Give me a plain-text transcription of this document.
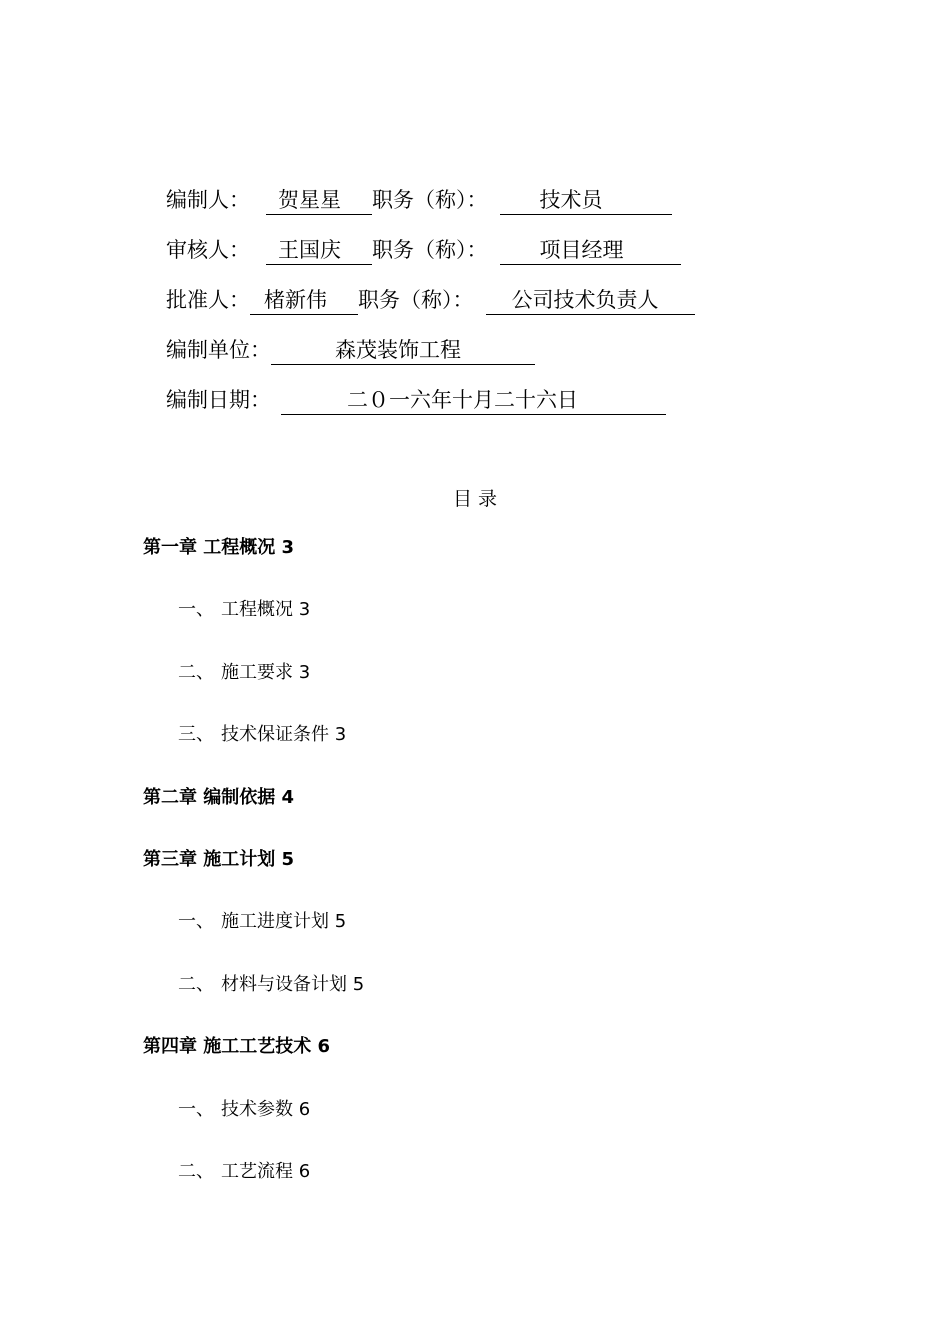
编制人： 贺星星 职务（称）： 技术员
审核人： 王国庆 职务（称）： 项目经理
批准人： 楮新伟 职务（称）： 公司技术负责人
编制单位：	森茂装饰工程
编制日期：	二０一六年十月二十六日
目 录
第一章 工程概况 3
一、 工程概况 3
二、 施工要求 3
三、 技术保证条件 3
第二章 编制依据 4
第三章 施工计划 5
一、 施工进度计划 5
二、 材料与设备计划 5
第四章 施工工艺技术 6
一、 技术参数 6
二、 工艺流程 6
